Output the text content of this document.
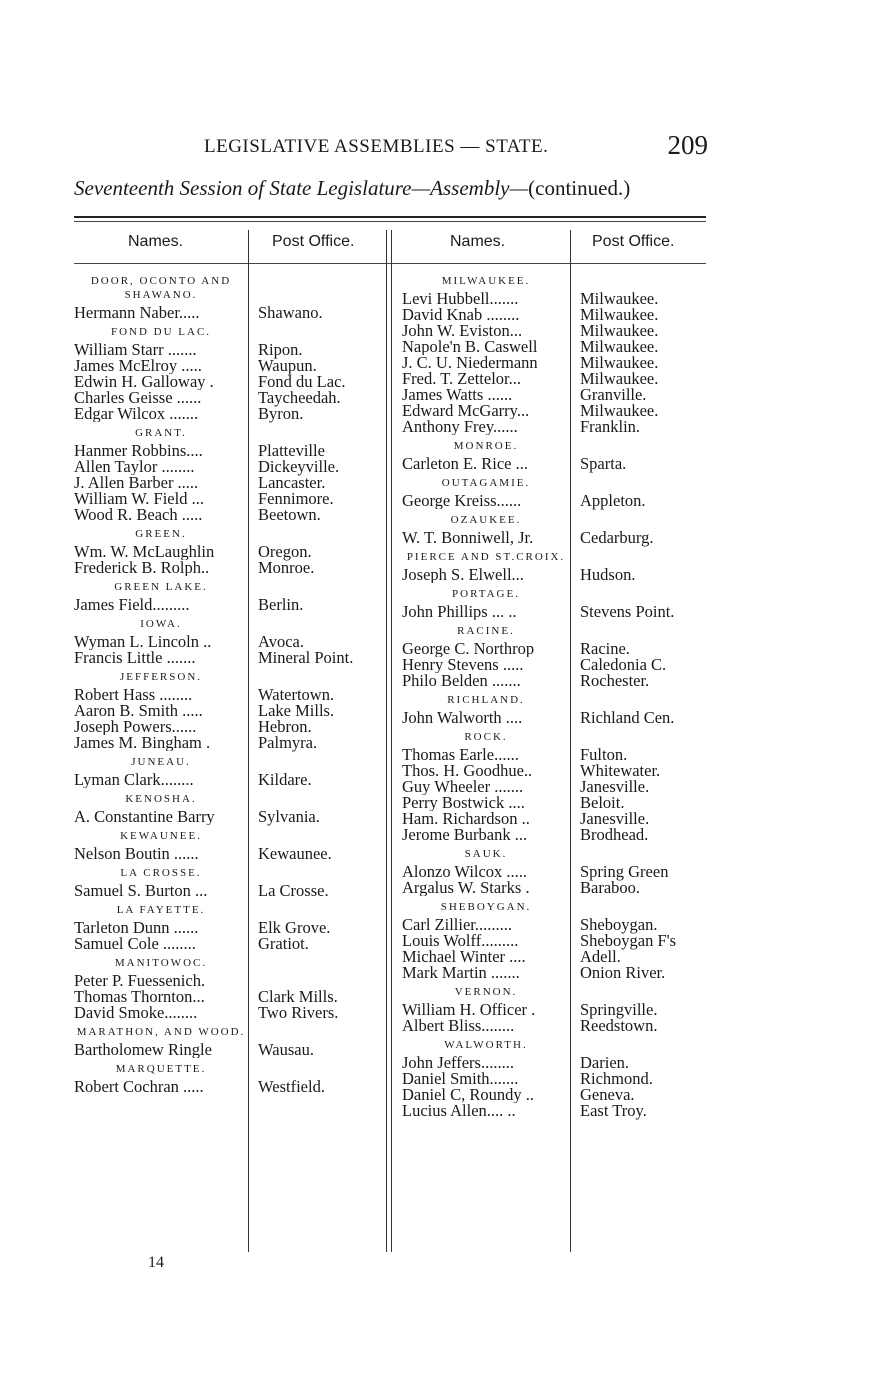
LEGISLATIVE ASSEMBLIES — STATE.	209
Seventeenth Session of State Legislature—Assembly—(continued.)
Names.	Post Office.	Names.	Post Office.
DOOR, OCONTO AND SHAWANO.
Hermann Naber.....	Shawano.
FOND DU LAC.
William Starr .......	Ripon.
James McElroy .....	Waupun.
Edwin H. Galloway .	Fond du Lac.
Charles Geisse ......	Taycheedah.
Edgar Wilcox .......	Byron.
GRANT.
Hanmer Robbins....	Platteville
Allen Taylor ........	Dickeyville.
J. Allen Barber .....	Lancaster.
William W. Field ...	Fennimore.
Wood R. Beach .....	Beetown.
GREEN.
Wm. W. McLaughlin	Oregon.
Frederick B. Rolph..	Monroe.
GREEN LAKE.
James Field.........	Berlin.
IOWA.
Wyman L. Lincoln ..	Avoca.
Francis Little .......	Mineral Point.
JEFFERSON.
Robert Hass ........	Watertown.
Aaron B. Smith .....	Lake Mills.
Joseph Powers......	Hebron.
James M. Bingham .	Palmyra.
JUNEAU.
Lyman Clark........	Kildare.
KENOSHA.
A. Constantine Barry	Sylvania.
KEWAUNEE.
Nelson Boutin ......	Kewaunee.
LA CROSSE.
Samuel S. Burton ...	La Crosse.
LA FAYETTE.
Tarleton Dunn ......	Elk Grove.
Samuel Cole ........	Gratiot.
MANITOWOC.
Peter P. Fuessenich.
Thomas Thornton...	Clark Mills.
David Smoke........	Two Rivers.
MARATHON, AND WOOD.
Bartholomew Ringle	Wausau.
MARQUETTE.
Robert Cochran .....	Westfield.
MILWAUKEE.
Levi Hubbell.......	Milwaukee.
David Knab ........	Milwaukee.
John W. Eviston...	Milwaukee.
Napole'n B. Caswell	Milwaukee.
J. C. U. Niedermann	Milwaukee.
Fred. T. Zettelor...	Milwaukee.
James Watts ......	Granville.
Edward McGarry...	Milwaukee.
Anthony Frey......	Franklin.
MONROE.
Carleton E. Rice ...	Sparta.
OUTAGAMIE.
George Kreiss......	Appleton.
OZAUKEE.
W. T. Bonniwell, Jr.	Cedarburg.
PIERCE AND ST.CROIX.
Joseph S. Elwell...	Hudson.
PORTAGE.
John Phillips ... ..	Stevens Point.
RACINE.
George C. Northrop	Racine.
Henry Stevens .....	Caledonia C.
Philo Belden .......	Rochester.
RICHLAND.
John Walworth ....	Richland Cen.
ROCK.
Thomas Earle......	Fulton.
Thos. H. Goodhue..	Whitewater.
Guy Wheeler .......	Janesville.
Perry Bostwick ....	Beloit.
Ham. Richardson ..	Janesville.
Jerome Burbank ...	Brodhead.
SAUK.
Alonzo Wilcox .....	Spring Green
Argalus W. Starks .	Baraboo.
SHEBOYGAN.
Carl Zillier.........	Sheboygan.
Louis Wolff.........	Sheboygan F's
Michael Winter ....	Adell.
Mark Martin .......	Onion River.
VERNON.
William H. Officer .	Springville.
Albert Bliss........	Reedstown.
WALWORTH.
John Jeffers........	Darien.
Daniel Smith.......	Richmond.
Daniel C, Roundy ..	Geneva.
Lucius Allen.... ..	East Troy.
14
